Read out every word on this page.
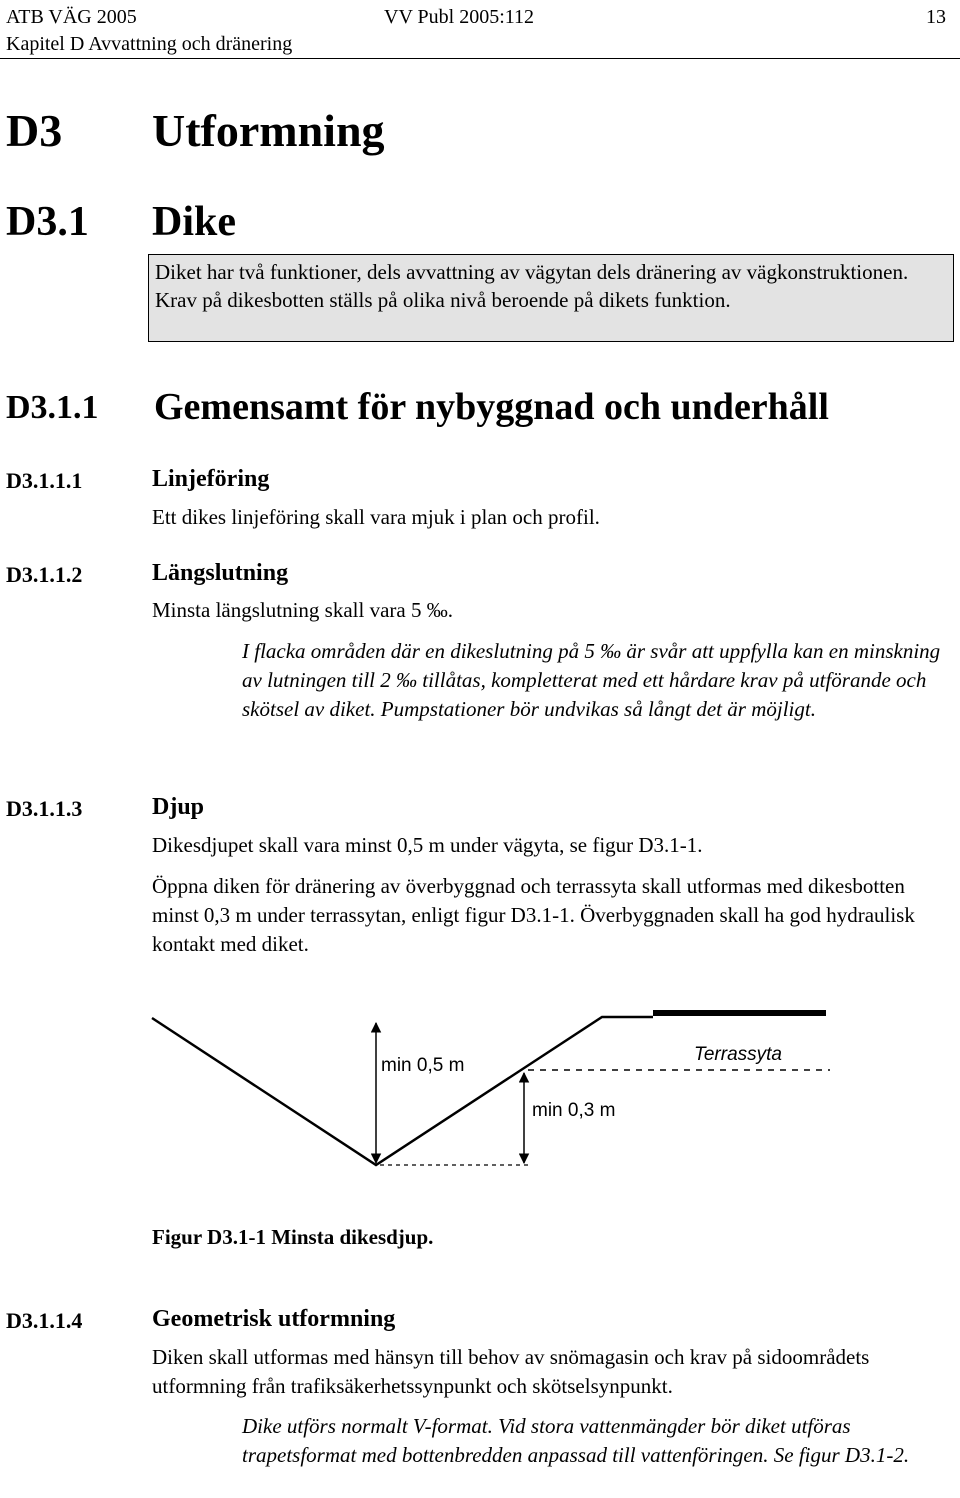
ATB VÄG 2005	VV Publ 2005:112	13
Kapitel D Avvattning och dränering
D3 Utformning
D3.1 Dike
Diket har två funktioner, dels avvattning av vägytan dels dränering av vägkonstruktionen. Krav på dikesbotten ställs på olika nivå beroende på dikets funktion.
D3.1.1 Gemensamt för nybyggnad och underhåll
D3.1.1.1	Linjeföring
Ett dikes linjeföring skall vara mjuk i plan och profil.
D3.1.1.2	Längslutning
Minsta längslutning skall vara 5 ‰.
I flacka områden där en dikeslutning på 5 ‰ är svår att uppfylla kan en minskning av lutningen till 2 ‰ tillåtas, kompletterat med ett hårdare krav på utförande och skötsel av diket. Pumpstationer bör undvikas så långt det är möjligt.
D3.1.1.3	Djup
Dikesdjupet skall vara minst 0,5 m under vägyta, se figur D3.1-1.
Öppna diken för dränering av överbyggnad och terrassyta skall utformas med dikesbotten minst 0,3 m under terrassytan, enligt figur D3.1-1. Överbyggnaden skall ha god hydraulisk kontakt med diket.
min 0,5 m
min 0,3 m
Terrassyta
Figur D3.1-1 Minsta dikesdjup.
D3.1.1.4	Geometrisk utformning
Diken skall utformas med hänsyn till behov av snömagasin och krav på sidoområdets utformning från trafiksäkerhetssynpunkt och skötselsynpunkt.
Dike utförs normalt V-format. Vid stora vattenmängder bör diket utföras trapetsformat med bottenbredden anpassad till vattenföringen. Se figur D3.1-2.
